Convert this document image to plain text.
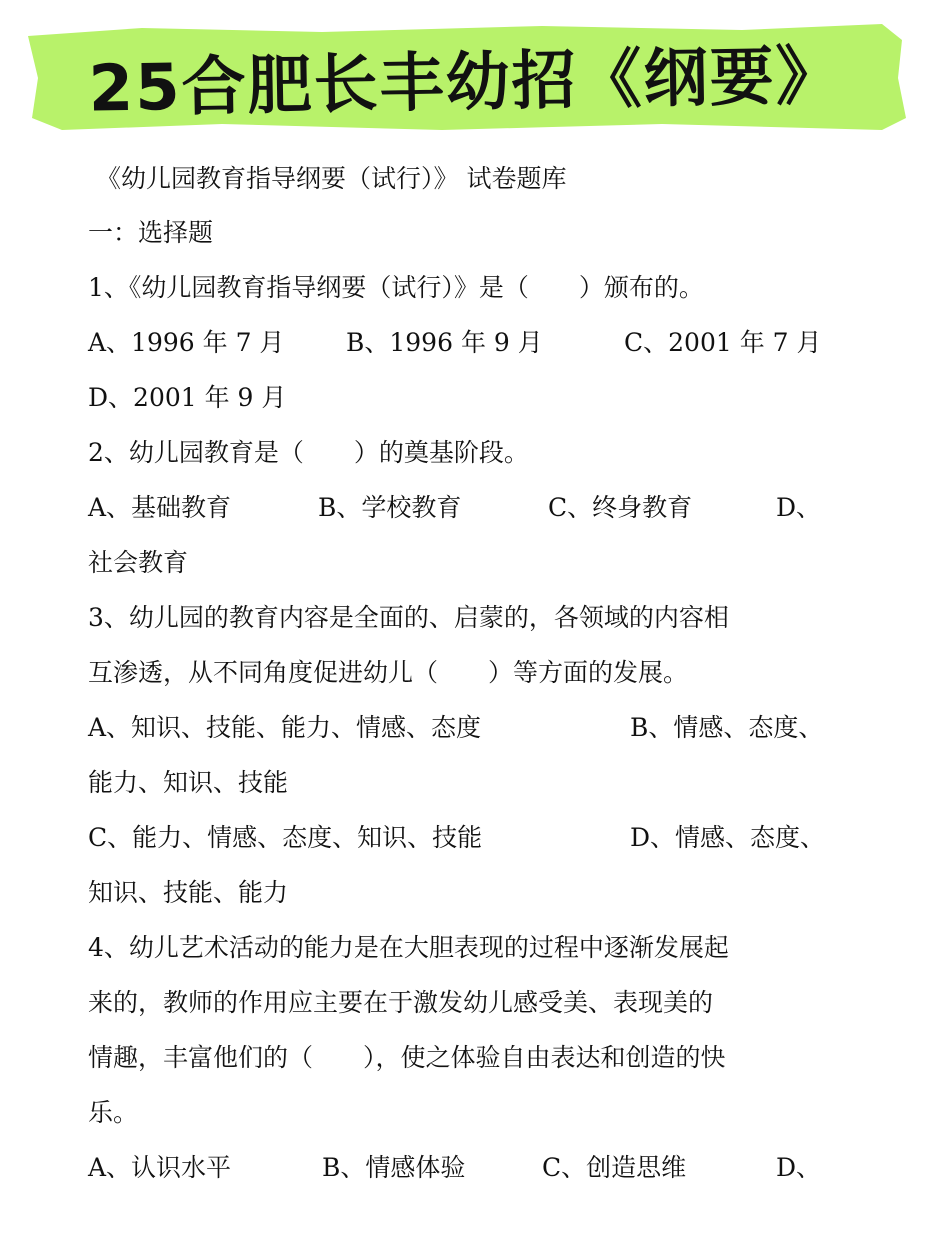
25合肥长丰幼招《纲要》
《幼儿园教育指导纲要（试行）》 试卷题库
一：选择题
1、《幼儿园教育指导纲要（试行）》是（　　）颁布的。
A、1996 年 7 月 B、1996 年 9 月	C、2001 年 7 月
D、2001 年 9 月
2、幼儿园教育是（　　）的奠基阶段。
A、基础教育	B、学校教育	C、终身教育	D、
社会教育
3、幼儿园的教育内容是全面的、启蒙的，各领域的内容相
互渗透，从不同角度促进幼儿（　　）等方面的发展。
A、知识、技能、能力、情感、态度	B、情感、态度、
能力、知识、技能
C、能力、情感、态度、知识、技能	D、情感、态度、
知识、技能、能力
4、幼儿艺术活动的能力是在大胆表现的过程中逐渐发展起
来的，教师的作用应主要在于激发幼儿感受美、表现美的
情趣，丰富他们的（　　），使之体验自由表达和创造的快
乐。
A、认识水平	B、情感体验	C、创造思维	D、
